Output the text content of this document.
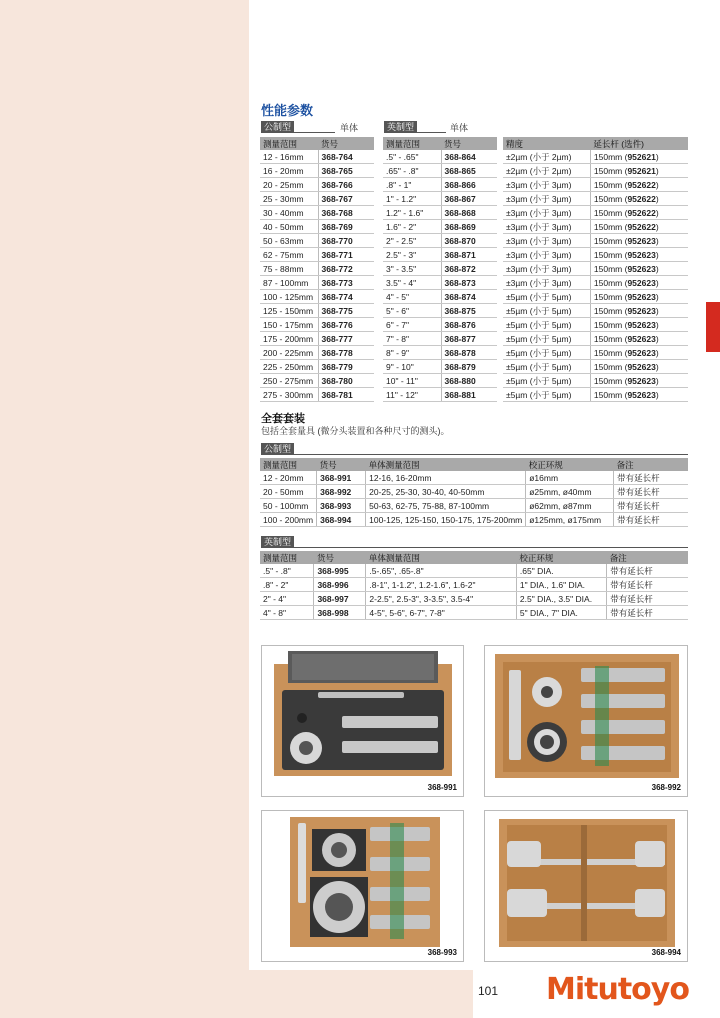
性能参数
公制型	单体	英制型	单体
测量范围	货号
12 - 16mm	368-764
16 - 20mm	368-765
20 - 25mm	368-766
25 - 30mm	368-767
30 - 40mm	368-768
40 - 50mm	368-769
50 - 63mm	368-770
62 - 75mm	368-771
75 - 88mm	368-772
87 - 100mm	368-773
100 - 125mm	368-774
125 - 150mm	368-775
150 - 175mm	368-776
175 - 200mm	368-777
200 - 225mm	368-778
225 - 250mm	368-779
250 - 275mm	368-780
275 - 300mm	368-781
测量范围	货号
.5" - .65"	368-864
.65" - .8"	368-865
.8" - 1"	368-866
1" - 1.2"	368-867
1.2" - 1.6"	368-868
1.6" - 2"	368-869
2" - 2.5"	368-870
2.5" - 3"	368-871
3" - 3.5"	368-872
3.5" - 4"	368-873
4" - 5"	368-874
5" - 6"	368-875
6" - 7"	368-876
7" - 8"	368-877
8" - 9"	368-878
9" - 10"	368-879
10" - 11"	368-880
11" - 12"	368-881
精度	延长杆 (选件)
±2µm (小于 2µm)	150mm (952621)
±2µm (小于 2µm)	150mm (952621)
±3µm (小于 3µm)	150mm (952622)
±3µm (小于 3µm)	150mm (952622)
±3µm (小于 3µm)	150mm (952622)
±3µm (小于 3µm)	150mm (952622)
±3µm (小于 3µm)	150mm (952623)
±3µm (小于 3µm)	150mm (952623)
±3µm (小于 3µm)	150mm (952623)
±3µm (小于 3µm)	150mm (952623)
±5µm (小于 5µm)	150mm (952623)
±5µm (小于 5µm)	150mm (952623)
±5µm (小于 5µm)	150mm (952623)
±5µm (小于 5µm)	150mm (952623)
±5µm (小于 5µm)	150mm (952623)
±5µm (小于 5µm)	150mm (952623)
±5µm (小于 5µm)	150mm (952623)
±5µm (小于 5µm)	150mm (952623)
全套套装
包括全套量具 (微分头装置和各种尺寸的测头)。
公制型
测量范围	货号	单体测量范围	校正环规	备注
12 - 20mm	368-991	12-16, 16-20mm	ø16mm	带有延长杆
20 - 50mm	368-992	20-25, 25-30, 30-40, 40-50mm	ø25mm, ø40mm	带有延长杆
50 - 100mm	368-993	50-63, 62-75, 75-88, 87-100mm	ø62mm, ø87mm	带有延长杆
100 - 200mm	368-994	100-125, 125-150, 150-175, 175-200mm	ø125mm, ø175mm	带有延长杆
英制型
测量范围	货号	单体测量范围	校正环规	备注
.5" - .8"	368-995	.5-.65", .65-.8"	.65" DIA.	带有延长杆
.8" - 2"	368-996	.8-1", 1-1.2", 1.2-1.6", 1.6-2"	1" DIA., 1.6" DIA.	带有延长杆
2" - 4"	368-997	2-2.5", 2.5-3", 3-3.5", 3.5-4"	2.5" DIA., 3.5" DIA.	带有延长杆
4" - 8"	368-998	4-5", 5-6", 6-7", 7-8"	5" DIA., 7" DIA.	带有延长杆
368-991	368-992
368-993	368-994
101 Mitutoyo
